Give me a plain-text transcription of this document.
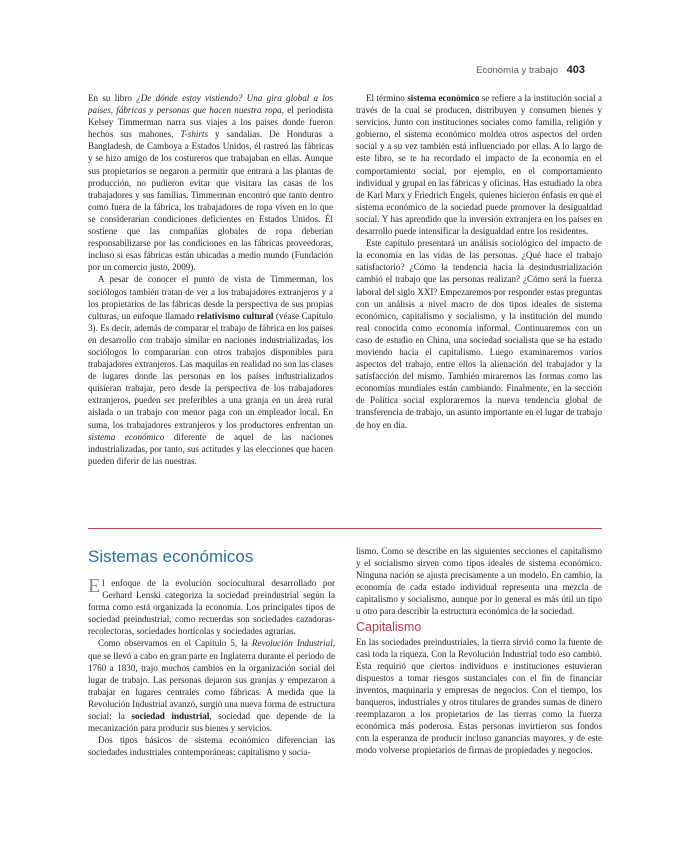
Economía y trabajo 403

En su libro ¿De dónde estoy vistiendo? Una gira global a los países, fábricas y personas que hacen nuestra ropa, el periodista Kelsey Timmerman narra sus viajes a los países donde fueron hechos sus mahones, T-shirts y sandalias. De Honduras a Bangladesh, de Camboya a Estados Unidos, él rastreó las fábricas y se hizo amigo de los costureros que trabajaban en ellas. Aunque sus propietarios se negaron a permitir que entrara a las plantas de producción, no pudieron evitar que visitara las casas de los trabajadores y sus familias. Timmerman encontró que tanto dentro como fuera de la fábrica, los trabajadores de ropa viven en lo que se considerarían condiciones deficientes en Estados Unidos. Él sostiene que las compañías globales de ropa deberían responsabilizarse por las condiciones en las fábricas proveedoras, incluso si esas fábricas están ubicadas a medio mundo (Fundación por un comercio justo, 2009).

A pesar de conocer el punto de vista de Timmerman, los sociólogos también tratan de ver a los trabajadores extranjeros y a los propietarios de las fábricas desde la perspectiva de sus propias culturas, un enfoque llamado relativismo cultural (véase Capítulo 3). Es decir, además de comparar el trabajo de fábrica en los países en desarrollo con trabajo similar en naciones industrializadas, los sociólogos lo compararían con otros trabajos disponibles para trabajadores extranjeros. Las maquilas en realidad no son las clases de lugares donde las personas en los países industrializados quisieran trabajar, pero desde la perspectiva de los trabajadores extranjeros, pueden ser preferibles a una granja en un área rural aislada o un trabajo con menor paga con un empleador local. En suma, los trabajadores extranjeros y los productores enfrentan un sistema económico diferente de aquel de las naciones industrializadas, por tanto, sus actitudes y las elecciones que hacen pueden diferir de las nuestras.

El término sistema económico se refiere a la institución social a través de la cual se producen, distribuyen y consumen bienes y servicios. Junto con instituciones sociales como familia, religión y gobierno, el sistema económico moldea otros aspectos del orden social y a su vez también está influenciado por ellas. A lo largo de este libro, se te ha recordado el impacto de la economía en el comportamiento social, por ejemplo, en el comportamiento individual y grupal en las fábricas y oficinas. Has estudiado la obra de Karl Marx y Friedrich Engels, quienes hicieron énfasis en que el sistema económico de la sociedad puede promover la desigualdad social. Y has aprendido que la inversión extranjera en los países en desarrollo puede intensificar la desigualdad entre los residentes.

Este capítulo presentará un análisis sociológico del impacto de la economía en las vidas de las personas. ¿Qué hace el trabajo satisfactorio? ¿Cómo la tendencia hacia la desindustrialización cambió el trabajo que las personas realizan? ¿Cómo será la fuerza laboral del siglo XXI? Empezaremos por responder estas preguntas con un análisis a nivel macro de dos tipos ideales de sistema económico, capitalismo y socialismo, y la institución del mundo real conocida como economía informal. Continuaremos con un caso de estudio en China, una sociedad socialista que se ha estado moviendo hacia el capitalismo. Luego examinaremos varios aspectos del trabajo, entre ellos la alienación del trabajador y la satisfacción del mismo. También miraremos las formas como las economías mundiales están cambiando. Finalmente, en la sección de Política social exploraremos la nueva tendencia global de transferencia de trabajo, un asunto importante en el lugar de trabajo de hoy en día.

Sistemas económicos

El enfoque de la evolución sociocultural desarrollado por Gerhard Lenski categoriza la sociedad preindustrial según la forma como está organizada la economía. Los principales tipos de sociedad preindustrial, como recuerdas son sociedades cazadoras-recolectoras, sociedades hortícolas y sociedades agrarias.

Como observamos en el Capítulo 5, la Revolución Industrial, que se llevó a cabo en gran parte en Inglaterra durante el periodo de 1760 a 1830, trajo muchos cambios en la organización social del lugar de trabajo. Las personas dejaron sus granjas y empezaron a trabajar en lugares centrales como fábricas. A medida que la Revolución Industrial avanzó, surgió una nueva forma de estructura social: la sociedad industrial, sociedad que depende de la mecanización para producir sus bienes y servicios.

Dos tipos básicos de sistema económico diferencian las sociedades industriales contemporáneas: capitalismo y socia-

lismo. Como se describe en las siguientes secciones el capitalismo y el socialismo sirven como tipos ideales de sistema económico. Ninguna nación se ajusta precisamente a un modelo. En cambio, la economía de cada estado individual representa una mezcla de capitalismo y socialismo, aunque por lo general es más útil un tipo u otro para describir la estructura económica de la sociedad.

Capitalismo

En las sociedades preindustriales, la tierra sirvió como la fuente de casi toda la riqueza. Con la Revolución Industrial todo eso cambió. Esta requirió que ciertos individuos e instituciones estuvieran dispuestos a tomar riesgos sustanciales con el fin de financiar inventos, maquinaria y empresas de negocios. Con el tiempo, los banqueros, industriales y otros titulares de grandes sumas de dinero reemplazaron a los propietarios de las tierras como la fuerza económica más poderosa. Estas personas invirtieron sus fondos con la esperanza de producir incluso ganancias mayores, y de este modo volverse propietarios de firmas de propiedades y negocios.
